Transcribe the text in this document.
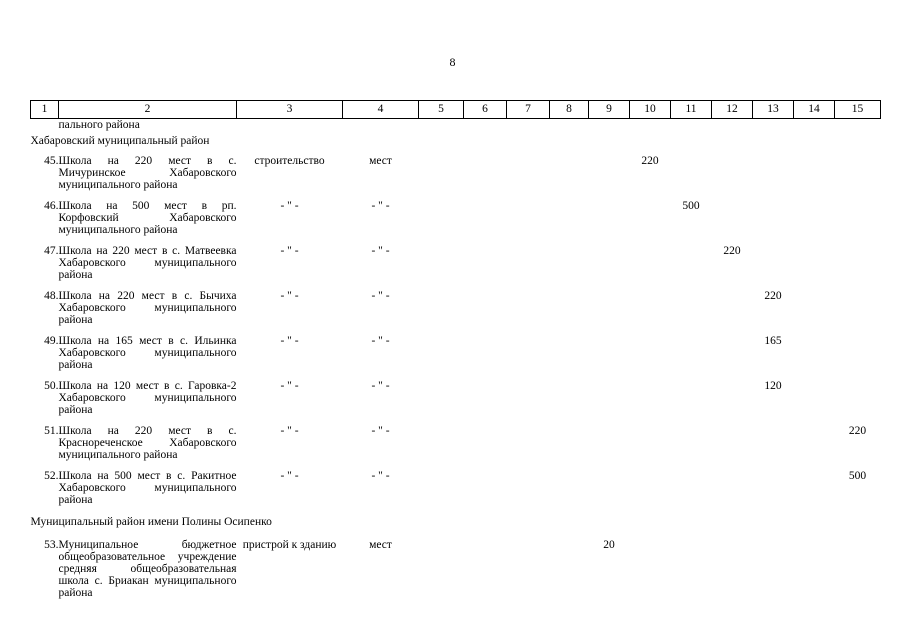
8
1	2	3	4	5	6	7	8	9	10	11	12	13	14	15
	пального района													
Хабаровский муниципальный район														
45.	Школа на 220 мест в с. Мичуринское Хабаровского муниципального района	строительство	мест						220					
46.	Школа на 500 мест в рп. Корфовский Хабаровского муниципального района	- " -	- " -							500				
47.	Школа на 220 мест в с. Матвеевка Хабаровского муниципального района	- " -	- " -								220			
48.	Школа на 220 мест в с. Бычиха Хабаровского муниципального района	- " -	- " -									220		
49.	Школа на 165 мест в с. Ильинка Хабаровского муниципального района	- " -	- " -									165		
50.	Школа на 120 мест в с. Гаровка-2 Хабаровского муниципального района	- " -	- " -									120		
51.	Школа на 220 мест в с. Краснореченское Хабаровского муниципального района	- " -	- " -											220
52.	Школа на 500 мест в с. Ракитное Хабаровского муниципального района	- " -	- " -											500
Муниципальный район имени Полины Осипенко														
53.	Муниципальное бюджетное общеобразовательное учреждение средняя общеобразовательная школа с. Бриакан муниципального района	пристрой к зданию	мест					20						
